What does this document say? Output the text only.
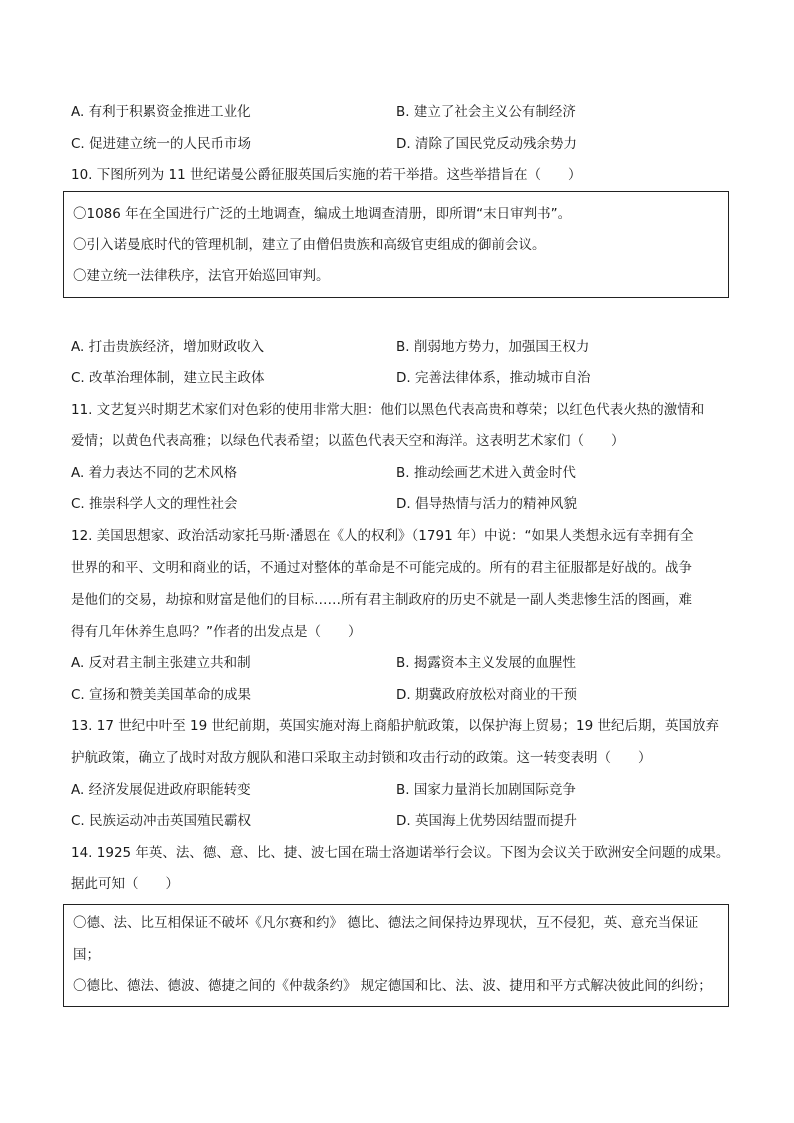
A. 有利于积累资金推进工业化	B. 建立了社会主义公有制经济
C. 促进建立统一的人民币市场	D. 清除了国民党反动残余势力
10. 下图所列为 11 世纪诺曼公爵征服英国后实施的若干举措。这些举措旨在（　　）
〇1086 年在全国进行广泛的土地调查，编成土地调查清册，即所谓“末日审判书”。
〇引入诺曼底时代的管理机制，建立了由僧侣贵族和高级官吏组成的御前会议。
〇建立统一法律秩序，法官开始巡回审判。
A. 打击贵族经济，增加财政收入	B. 削弱地方势力，加强国王权力
C. 改革治理体制，建立民主政体	D. 完善法律体系，推动城市自治
11. 文艺复兴时期艺术家们对色彩的使用非常大胆：他们以黑色代表高贵和尊荣；以红色代表火热的激情和
爱情；以黄色代表高雅；以绿色代表希望；以蓝色代表天空和海洋。这表明艺术家们（　　）
A. 着力表达不同的艺术风格	B. 推动绘画艺术进入黄金时代
C. 推崇科学人文的理性社会	D. 倡导热情与活力的精神风貌
12. 美国思想家、政治活动家托马斯·潘恩在《人的权利》（1791 年）中说：“如果人类想永远有幸拥有全
世界的和平、文明和商业的话，不通过对整体的革命是不可能完成的。所有的君主征服都是好战的。战争
是他们的交易，劫掠和财富是他们的目标……所有君主制政府的历史不就是一副人类悲惨生活的图画，难
得有几年休养生息吗？”作者的出发点是（　　）
A. 反对君主制主张建立共和制	B. 揭露资本主义发展的血腥性
C. 宣扬和赞美美国革命的成果	D. 期冀政府放松对商业的干预
13. 17 世纪中叶至 19 世纪前期，英国实施对海上商船护航政策，以保护海上贸易；19 世纪后期，英国放弃
护航政策，确立了战时对敌方舰队和港口采取主动封锁和攻击行动的政策。这一转变表明（　　）
A. 经济发展促进政府职能转变	B. 国家力量消长加剧国际竞争
C. 民族运动冲击英国殖民霸权	D. 英国海上优势因结盟而提升
14. 1925 年英、法、德、意、比、捷、波七国在瑞士洛迦诺举行会议。下图为会议关于欧洲安全问题的成果。
据此可知（　　）
〇德、法、比互相保证不破坏《凡尔赛和约》 德比、德法之间保持边界现状，互不侵犯，英、意充当保证
国；
〇德比、德法、德波、德捷之间的《仲裁条约》 规定德国和比、法、波、捷用和平方式解决彼此间的纠纷；
